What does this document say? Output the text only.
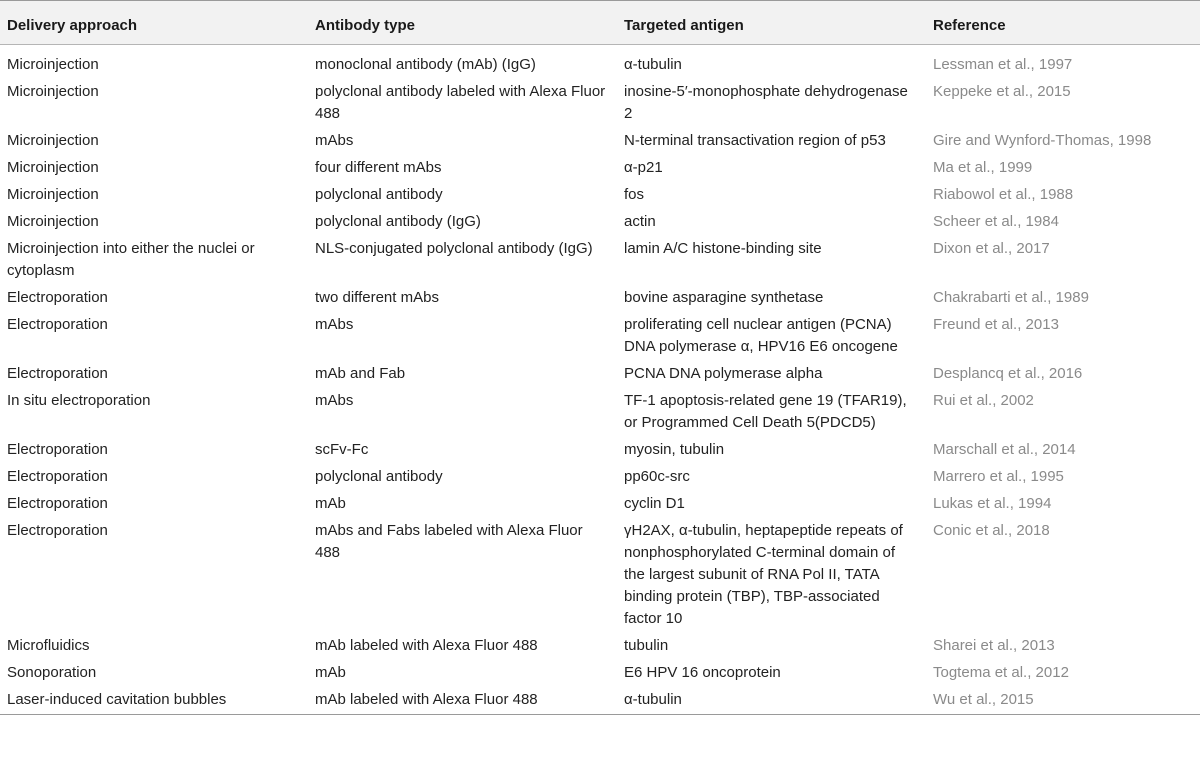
Delivery approach	Antibody type	Targeted antigen	Reference
Microinjection	monoclonal antibody (mAb) (IgG)	α-tubulin	Lessman et al., 1997
Microinjection	polyclonal antibody labeled with Alexa Fluor 488	inosine-5′-monophosphate dehydrogenase 2	Keppeke et al., 2015
Microinjection	mAbs	N-terminal transactivation region of p53	Gire and Wynford-Thomas, 1998
Microinjection	four different mAbs	α-p21	Ma et al., 1999
Microinjection	polyclonal antibody	fos	Riabowol et al., 1988
Microinjection	polyclonal antibody (IgG)	actin	Scheer et al., 1984
Microinjection into either the nuclei or cytoplasm	NLS-conjugated polyclonal antibody (IgG)	lamin A/C histone-binding site	Dixon et al., 2017
Electroporation	two different mAbs	bovine asparagine synthetase	Chakrabarti et al., 1989
Electroporation	mAbs	proliferating cell nuclear antigen (PCNA) DNA polymerase α, HPV16 E6 oncogene	Freund et al., 2013
Electroporation	mAb and Fab	PCNA DNA polymerase alpha	Desplancq et al., 2016
In situ electroporation	mAbs	TF-1 apoptosis-related gene 19 (TFAR19), or Programmed Cell Death 5(PDCD5)	Rui et al., 2002
Electroporation	scFv-Fc	myosin, tubulin	Marschall et al., 2014
Electroporation	polyclonal antibody	pp60c-src	Marrero et al., 1995
Electroporation	mAb	cyclin D1	Lukas et al., 1994
Electroporation	mAbs and Fabs labeled with Alexa Fluor 488	γH2AX, α-tubulin, heptapeptide repeats of nonphosphorylated C-terminal domain of the largest subunit of RNA Pol II, TATA binding protein (TBP), TBP-associated factor 10	Conic et al., 2018
Microfluidics	mAb labeled with Alexa Fluor 488	tubulin	Sharei et al., 2013
Sonoporation	mAb	E6 HPV 16 oncoprotein	Togtema et al., 2012
Laser-induced cavitation bubbles	mAb labeled with Alexa Fluor 488	α-tubulin	Wu et al., 2015
